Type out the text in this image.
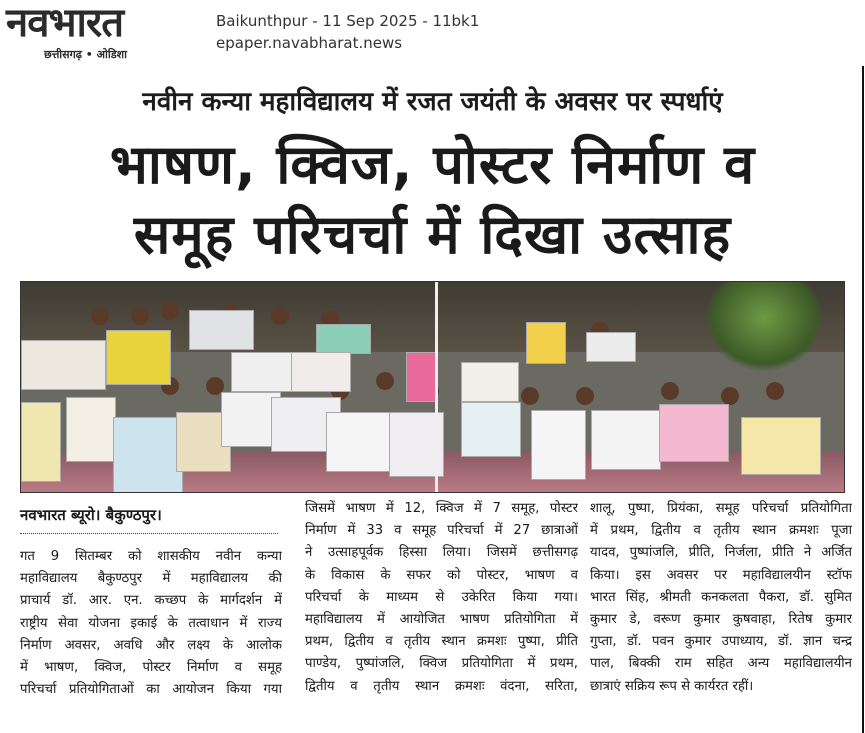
नवभारत
छत्तीसगढ़ • ओडिशा
Baikunthpur - 11 Sep 2025 - 11bk1
epaper.navabharat.news
नवीन कन्या महाविद्यालय में रजत जयंती के अवसर पर स्पर्धाएं
भाषण, क्विज, पोस्टर निर्माण व
समूह परिचर्चा में दिखा उत्साह
नवभारत ब्यूरो। बैकुण्ठपुर।
गत 9 सितम्बर को शासकीय नवीन कन्या
महाविद्यालय बैकुण्ठपुर में महाविद्यालय की
प्राचार्य डॉ. आर. एन. कच्छप के मार्गदर्शन में
राष्ट्रीय सेवा योजना इकाई के तत्वाधान में राज्य
निर्माण अवसर, अवधि और लक्ष्य के आलोक
में भाषण, क्विज, पोस्टर निर्माण व समूह
परिचर्चा प्रतियोगिताओं का आयोजन किया गया
जिसमें भाषण में 12, क्विज में 7 समूह, पोस्टर
निर्माण में 33 व समूह परिचर्चा में 27 छात्राओं
ने उत्साहपूर्वक हिस्सा लिया। जिसमें छत्तीसगढ़
के विकास के सफर को पोस्टर, भाषण व
परिचर्चा के माध्यम से उकेरित किया गया।
महाविद्यालय में आयोजित भाषण प्रतियोगिता में
प्रथम, द्वितीय व तृतीय स्थान क्रमशः पुष्पा, प्रीति
पाण्डेय, पुष्पांजलि, क्विज प्रतियोगिता में प्रथम,
द्वितीय व तृतीय स्थान क्रमशः वंदना, सरिता,
शालू, पुष्पा, प्रियंका, समूह परिचर्चा प्रतियोगिता
में प्रथम, द्वितीय व तृतीय स्थान क्रमशः पूजा
यादव, पुष्पांजलि, प्रीति, निर्जला, प्रीति ने अर्जित
किया। इस अवसर पर महाविद्यालयीन स्टॉफ
भारत सिंह, श्रीमती कनकलता पैकरा, डॉ. सुमित
कुमार डे, वरूण कुमार कुषवाहा, रितेष कुमार
गुप्ता, डॉ. पवन कुमार उपाध्याय, डॉ. ज्ञान चन्द्र
पाल, बिक्की राम सहित अन्य महाविद्यालयीन
छात्राएं सक्रिय रूप से कार्यरत रहीं।
